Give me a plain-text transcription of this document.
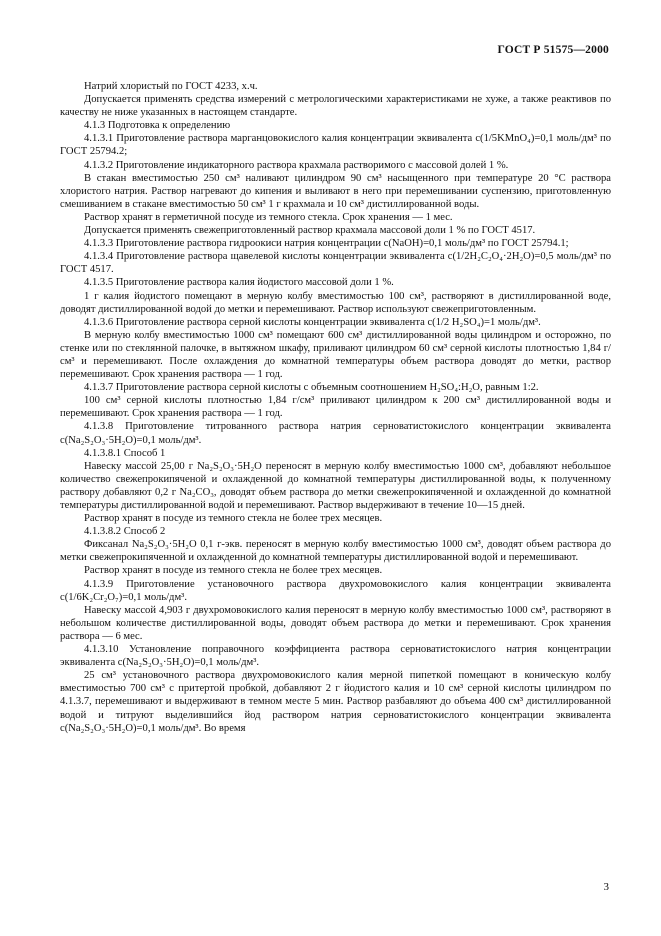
ГОСТ Р 51575—2000

Натрий хлористый по ГОСТ 4233, х.ч.

Допускается применять средства измерений с метрологическими характеристиками не хуже, а также реактивов по качеству не ниже указанных в настоящем стандарте.

4.1.3 Подготовка к определению

4.1.3.1 Приготовление раствора марганцовокислого калия концентрации эквивалента c(1/5KMnO₄)=0,1 моль/дм³ по ГОСТ 25794.2;

4.1.3.2 Приготовление индикаторного раствора крахмала растворимого с массовой долей 1 %.

В стакан вместимостью 250 см³ наливают цилиндром 90 см³ насыщенного при температуре 20 °С раствора хлористого натрия. Раствор нагревают до кипения и выливают в него при перемешивании суспензию, приготовленную смешиванием в стакане вместимостью 50 см³ 1 г крахмала и 10 см³ дистиллированной воды.

Раствор хранят в герметичной посуде из темного стекла. Срок хранения — 1 мес.

Допускается применять свежеприготовленный раствор крахмала массовой доли 1 % по ГОСТ 4517.

4.1.3.3 Приготовление раствора гидроокиси натрия концентрации c(NaOH)=0,1 моль/дм³ по ГОСТ 25794.1;

4.1.3.4 Приготовление раствора щавелевой кислоты концентрации эквивалента c(1/2H₂C₂O₄·2H₂O)=0,5 моль/дм³ по ГОСТ 4517.

4.1.3.5 Приготовление раствора калия йодистого массовой доли 1 %.

1 г калия йодистого помещают в мерную колбу вместимостью 100 см³, растворяют в дистиллированной воде, доводят дистиллированной водой до метки и перемешивают. Раствор используют свежеприготовленным.

4.1.3.6 Приготовление раствора серной кислоты концентрации эквивалента c(1/2 H₂SO₄)=1 моль/дм³.

В мерную колбу вместимостью 1000 см³ помещают 600 см³ дистиллированной воды цилиндром и осторожно, по стенке или по стеклянной палочке, в вытяжном шкафу, приливают цилиндром 60 см³ серной кислоты плотностью 1,84 г/см³ и перемешивают. После охлаждения до комнатной температуры объем раствора доводят до метки, раствор перемешивают. Срок хранения раствора — 1 год.

4.1.3.7 Приготовление раствора серной кислоты с объемным соотношением H₂SO₄:H₂O, равным 1:2.

100 см³ серной кислоты плотностью 1,84 г/см³ приливают цилиндром к 200 см³ дистиллированной воды и перемешивают. Срок хранения раствора — 1 год.

4.1.3.8 Приготовление титрованного раствора натрия серноватистокислого концентрации эквивалента c(Na₂S₂O₃·5H₂O)=0,1 моль/дм³.

4.1.3.8.1 Способ 1

Навеску массой 25,00 г Na₂S₂O₃·5H₂O переносят в мерную колбу вместимостью 1000 см³, добавляют небольшое количество свежепрокипяченой и охлажденной до комнатной температуры дистиллированной воды, к полученному раствору добавляют 0,2 г Na₂CO₃, доводят объем раствора до метки свежепрокипяченной и охлажденной до комнатной температуры дистиллированной водой и перемешивают. Раствор выдерживают в течение 10—15 дней.

Раствор хранят в посуде из темного стекла не более трех месяцев.

4.1.3.8.2 Способ 2

Фиксанал Na₂S₂O₃·5H₂O 0,1 г-экв. переносят в мерную колбу вместимостью 1000 см³, доводят объем раствора до метки свежепрокипяченной и охлажденной до комнатной температуры дистиллированной водой и перемешивают.

Раствор хранят в посуде из темного стекла не более трех месяцев.

4.1.3.9 Приготовление установочного раствора двухромовокислого калия концентрации эквивалента c(1/6K₂Cr₂O₇)=0,1 моль/дм³.

Навеску массой 4,903 г двухромовокислого калия переносят в мерную колбу вместимостью 1000 см³, растворяют в небольшом количестве дистиллированной воды, доводят объем раствора до метки и перемешивают. Срок хранения раствора — 6 мес.

4.1.3.10 Установление поправочного коэффициента раствора серноватистокислого натрия концентрации эквивалента c(Na₂S₂O₃·5H₂O)=0,1 моль/дм³.

25 см³ установочного раствора двухромовокислого калия мерной пипеткой помещают в коническую колбу вместимостью 700 см³ с притертой пробкой, добавляют 2 г йодистого калия и 10 см³ серной кислоты цилиндром по 4.1.3.7, перемешивают и выдерживают в темном месте 5 мин. Раствор разбавляют до объема 400 см³ дистиллированной водой и титруют выделившийся йод раствором натрия серноватистокислого концентрации эквивалента c(Na₂S₂O₃·5H₂O)=0,1 моль/дм³. Во время

3
